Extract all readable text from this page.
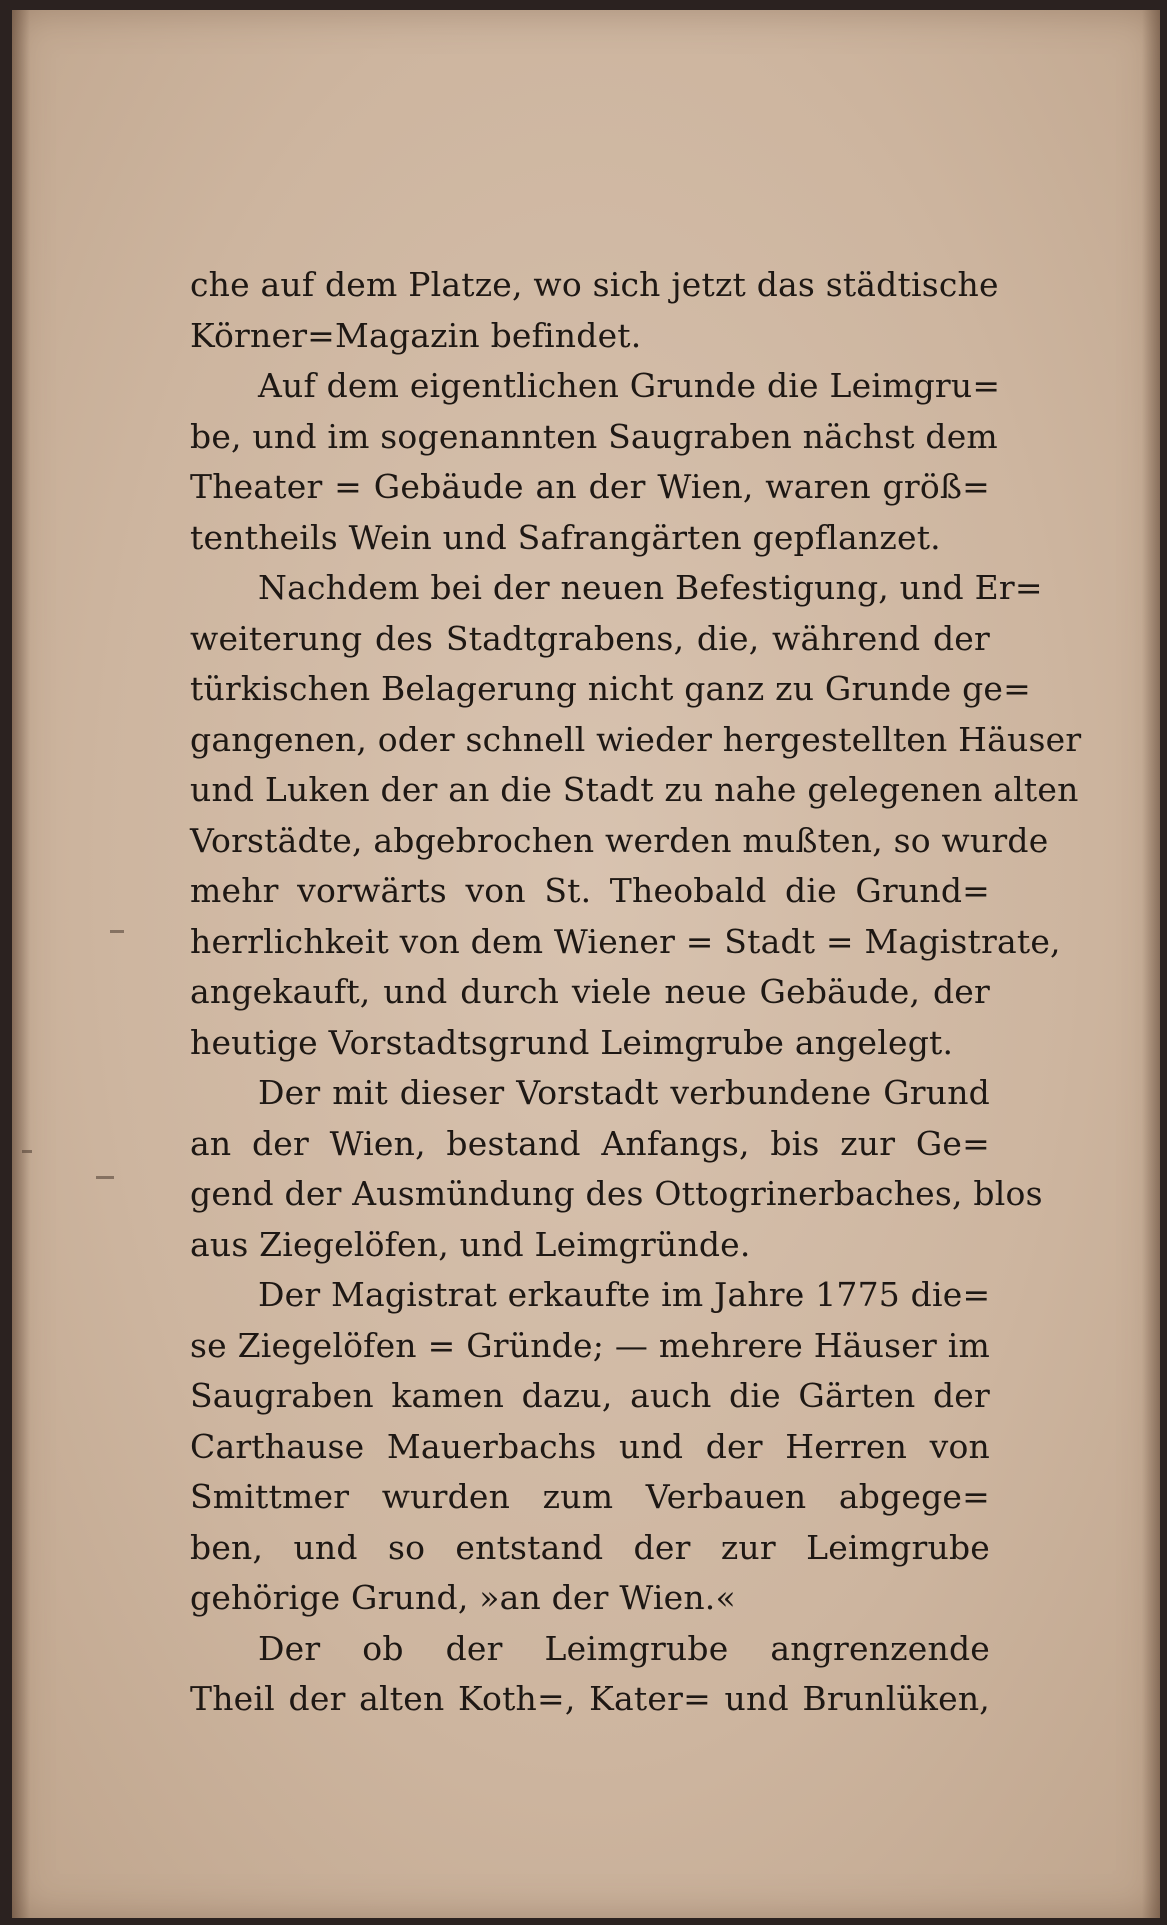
che auf dem Platze, wo sich jetzt das städtische
Körner=Magazin befindet.
Auf dem eigentlichen Grunde die Leimgru=
be, und im sogenannten Saugraben nächst dem
Theater = Gebäude an der Wien, waren größ=
tentheils Wein und Safrangärten gepflanzet.
Nachdem bei der neuen Befestigung, und Er=
weiterung des Stadtgrabens, die, während der
türkischen Belagerung nicht ganz zu Grunde ge=
gangenen, oder schnell wieder hergestellten Häuser
und Luken der an die Stadt zu nahe gelegenen alten
Vorstädte, abgebrochen werden mußten, so wurde
mehr vorwärts von St. Theobald die Grund=
herrlichkeit von dem Wiener = Stadt = Magistrate,
angekauft, und durch viele neue Gebäude, der
heutige Vorstadtsgrund Leimgrube angelegt.
Der mit dieser Vorstadt verbundene Grund
an der Wien, bestand Anfangs, bis zur Ge=
gend der Ausmündung des Ottogrinerbaches, blos
aus Ziegelöfen, und Leimgründe.
Der Magistrat erkaufte im Jahre 1775 die=
se Ziegelöfen = Gründe; — mehrere Häuser im
Saugraben kamen dazu, auch die Gärten der
Carthause Mauerbachs und der Herren von
Smittmer wurden zum Verbauen abgege=
ben, und so entstand der zur Leimgrube
gehörige Grund, »an der Wien.«
Der ob der Leimgrube angrenzende
Theil der alten Koth=, Kater= und Brunlüken,
